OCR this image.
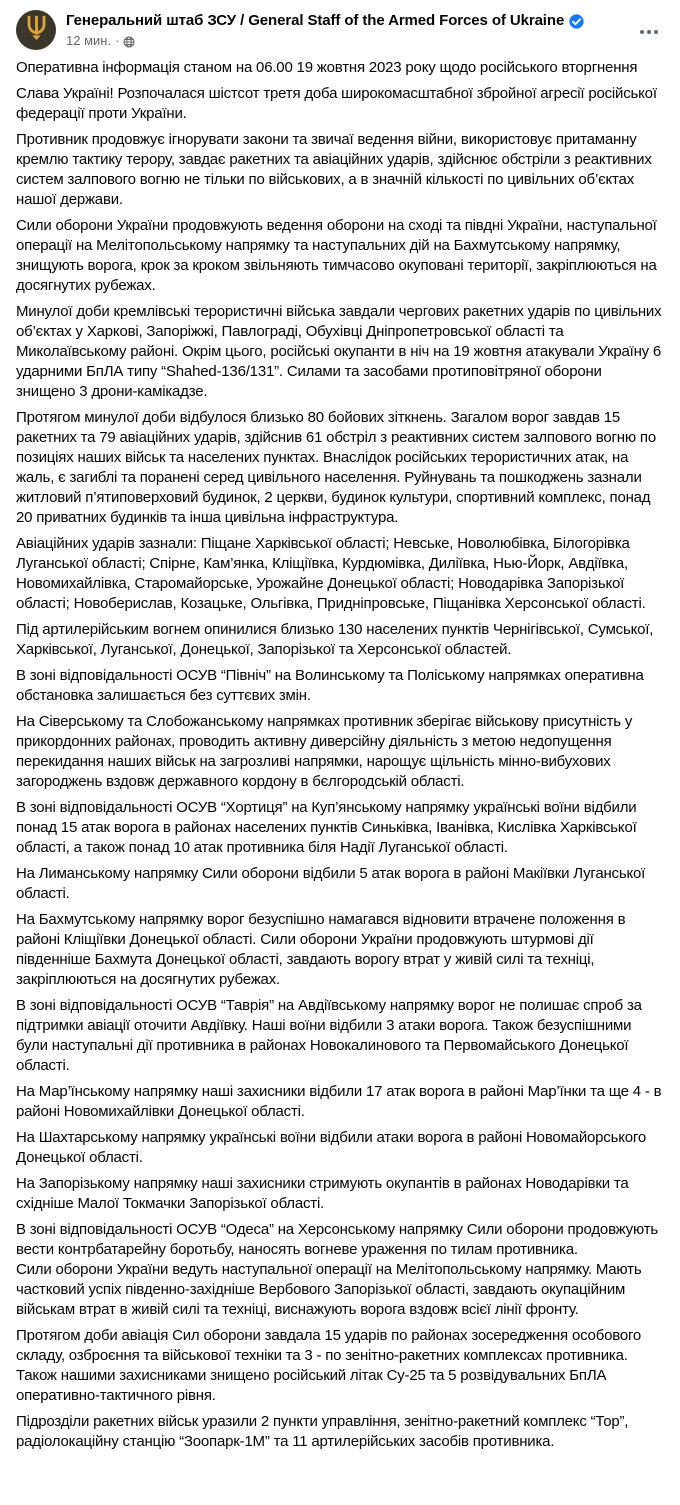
Генеральний штаб ЗСУ / General Staff of the Armed Forces of Ukraine
12 мин. ·
Оперативна інформація станом на 06.00 19 жовтня 2023 року щодо російського вторгнення
Слава Україні! Розпочалася шістсот третя доба широкомасштабної збройної агресії російської федерації проти України.
Противник продовжує ігнорувати закони та звичаї ведення війни, використовує притаманну кремлю тактику терору, завдає ракетних та авіаційних ударів, здійснює обстріли з реактивних систем залпового вогню не тільки по військових, а в значній кількості по цивільних об’єктах нашої держави.
Сили оборони України продовжують ведення оборони на сході та півдні України, наступальної операції на Мелітопольському напрямку та наступальних дій на Бахмутському напрямку, знищують ворога, крок за кроком звільняють тимчасово окуповані території, закріплюються на досягнутих рубежах.
Минулої доби кремлівські терористичні війська завдали чергових ракетних ударів по цивільних об’єктах у Харкові, Запоріжжі, Павлограді, Обухівці Дніпропетровської області та Миколаївському районі. Окрім цього, російські окупанти в ніч на 19 жовтня атакували Україну 6 ударними БпЛА типу “Shahed-136/131”. Силами та засобами протиповітряної оборони знищено 3 дрони-камікадзе.
Протягом минулої доби відбулося близько 80 бойових зіткнень. Загалом ворог завдав 15 ракетних та 79 авіаційних ударів, здійснив 61 обстріл з реактивних систем залпового вогню по позиціях наших військ та населених пунктах. Внаслідок російських терористичних атак, на жаль, є загиблі та поранені серед цивільного населення. Руйнувань та пошкоджень зазнали житловий п’ятиповерховий будинок, 2 церкви, будинок культури, спортивний комплекс, понад 20 приватних будинків та інша цивільна інфраструктура.
Авіаційних ударів зазнали: Піщане Харківської області; Невське, Новолюбівка, Білогорівка Луганської області; Спірне, Кам’янка, Кліщіївка, Курдюмівка, Диліївка, Нью-Йорк, Авдіївка, Новомихайлівка, Старомайорське, Урожайне Донецької області; Новодарівка Запорізької області; Новоберислав, Козацьке, Ольгівка, Придніпровське, Піщанівка Херсонської області.
Під артилерійським вогнем опинилися близько 130 населених пунктів Чернігівської, Сумської, Харківської, Луганської, Донецької, Запорізької та Херсонської областей.
В зоні відповідальності ОСУВ “Північ” на Волинському та Поліському напрямках оперативна обстановка залишається без суттєвих змін.
На Сіверському та Слобожанському напрямках противник зберігає військову присутність у прикордонних районах, проводить активну диверсійну діяльність з метою недопущення перекидання наших військ на загрозливі напрямки, нарощує щільність мінно-вибухових загороджень вздовж державного кордону в бєлгородській області.
В зоні відповідальності ОСУВ “Хортиця” на Куп’янському напрямку українські воїни відбили понад 15 атак ворога в районах населених пунктів Синьківка, Іванівка, Кислівка Харківської області, а також понад 10 атак противника біля Надії Луганської області.
На Лиманському напрямку Сили оборони відбили 5 атак ворога в районі Макіївки Луганської області.
На Бахмутському напрямку ворог безуспішно намагався відновити втрачене положення в районі Кліщіївки Донецької області. Сили оборони України продовжують штурмові дії південніше Бахмута Донецької області, завдають ворогу втрат у живій силі та техніці, закріплюються на досягнутих рубежах.
В зоні відповідальності ОСУВ “Таврія” на Авдіївському напрямку ворог не полишає спроб за підтримки авіації оточити Авдіївку. Наші воїни відбили 3 атаки ворога. Також безуспішними були наступальні дії противника в районах Новокалинового та Первомайського Донецької області.
На Мар’їнському напрямку наші захисники відбили 17 атак ворога в районі Мар’їнки та ще 4 - в районі Новомихайлівки Донецької області.
На Шахтарському напрямку українські воїни відбили атаки ворога в районі Новомайорського Донецької області.
На Запорізькому напрямку наші захисники стримують окупантів в районах Новодарівки та східніше Малої Токмачки Запорізької області.
В зоні відповідальності ОСУВ “Одеса” на Херсонському напрямку Сили оборони продовжують вести контрбатарейну боротьбу, наносять вогневе ураження по тилам противника.
Сили оборони України ведуть наступальної операції на Мелітопольському напрямку. Мають частковий успіх південно-західніше Вербового Запорізької області, завдають окупаційним військам втрат в живій силі та техніці, виснажують ворога вздовж всієї лінії фронту.
Протягом доби авіація Сил оборони завдала 15 ударів по районах зосередження особового складу, озброєння та військової техніки та 3 - по зенітно-ракетних комплексах противника. Також нашими захисниками знищено російський літак Су-25 та 5 розвідувальних БпЛА оперативно-тактичного рівня.
Підрозділи ракетних військ уразили 2 пункти управління, зенітно-ракетний комплекс “Тор”, радіолокаційну станцію “Зоопарк-1М” та 11 артилерійських засобів противника.
